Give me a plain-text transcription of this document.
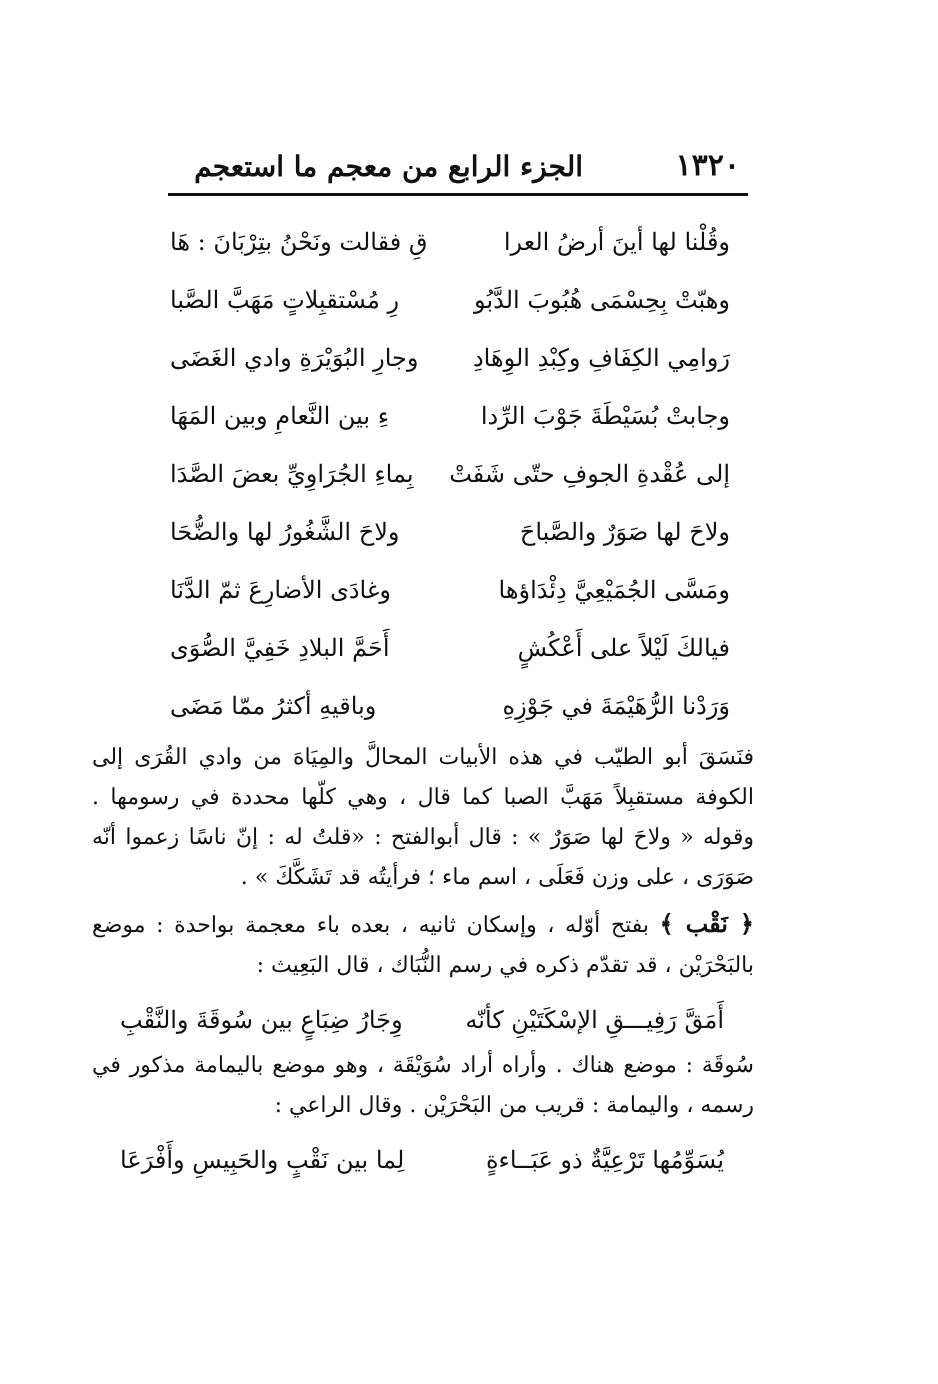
١٣٢٠
الجزء الرابع من معجم ما استعجم
وقُلْنا لها أينَ أرضُ العرا
قِ فقالت ونَحْنُ بتِرْبَانَ : هَا
وهبّتْ بِحِسْمَى هُبُوبَ الدَّبُو
رِ مُسْتقبِلاتٍ مَهَبَّ الصَّبا
رَوامِي الكِفَافِ وكِبْدِ الوِهَادِ
وجارِ البُوَيْرَةِ وادي الغَضَى
وجابتْ بُسَيْطَةَ جَوْبَ الرِّدا
ءِ بين النَّعامِ وبين المَهَا
إلى عُقْدةِ الجوفِ حتّى شَفَتْ
بِماءِ الجُرَاوِيِّ بعضَ الصَّدَا
ولاحَ لها صَوَرٌ والصَّباحَ
ولاحَ الشَّغُورُ لها والضُّحَا
ومَسَّى الجُمَيْعِيَّ دِئْدَاؤها
وغادَى الأضارِعَ ثمّ الدَّنَا
فيالكَ لَيْلاً على أَعْكُشٍ
أَحَمَّ البلادِ خَفِيَّ الصُّوَى
وَرَدْنا الرُّهَيْمَةَ في جَوْزِهِ
وباقيهِ أكثرُ ممّا مَضَى

فنَسَقَ أبو الطيّب في هذه الأبيات المحالَّ والمِيَاهَ من وادي القُرَى إلى الكوفة مستقبِلاً مَهَبَّ الصبا كما قال ، وهي كلّها محددة في رسومها . وقوله « ولاحَ لها صَوَرٌ » : قال أبوالفتح : «قلتُ له : إنّ ناسًا زعموا أنّه صَوَرَى ، على وزن فَعَلَى ، اسم ماء ؛ فرأيتُه قد تَشَكَّكَ » .

﴿ نَقْب ﴾ بفتح أوّله ، وإسكان ثانيه ، بعده باء معجمة بواحدة : موضع بالبَحْرَيْن ، قد تقدّم ذكره في رسم النُّبَاك ، قال البَعِيث :

أَمَقَّ رَفِيـــقِ الإسْكَتَيْنِ كأنّه
وِجَارُ ضِبَاعٍ بين سُوقَةَ والنَّقْبِ

سُوقَة : موضع هناك . وأراه أراد سُوَيْقَة ، وهو موضع باليمامة مذكور في رسمه ، واليمامة : قريب من البَحْرَيْن . وقال الراعي :

يُسَوِّمُها تَرْعِيَّةٌ ذو عَبَــاءةٍ
لِما بين نَقْبٍ والحَبِيسِ وأَفْرَعَا
